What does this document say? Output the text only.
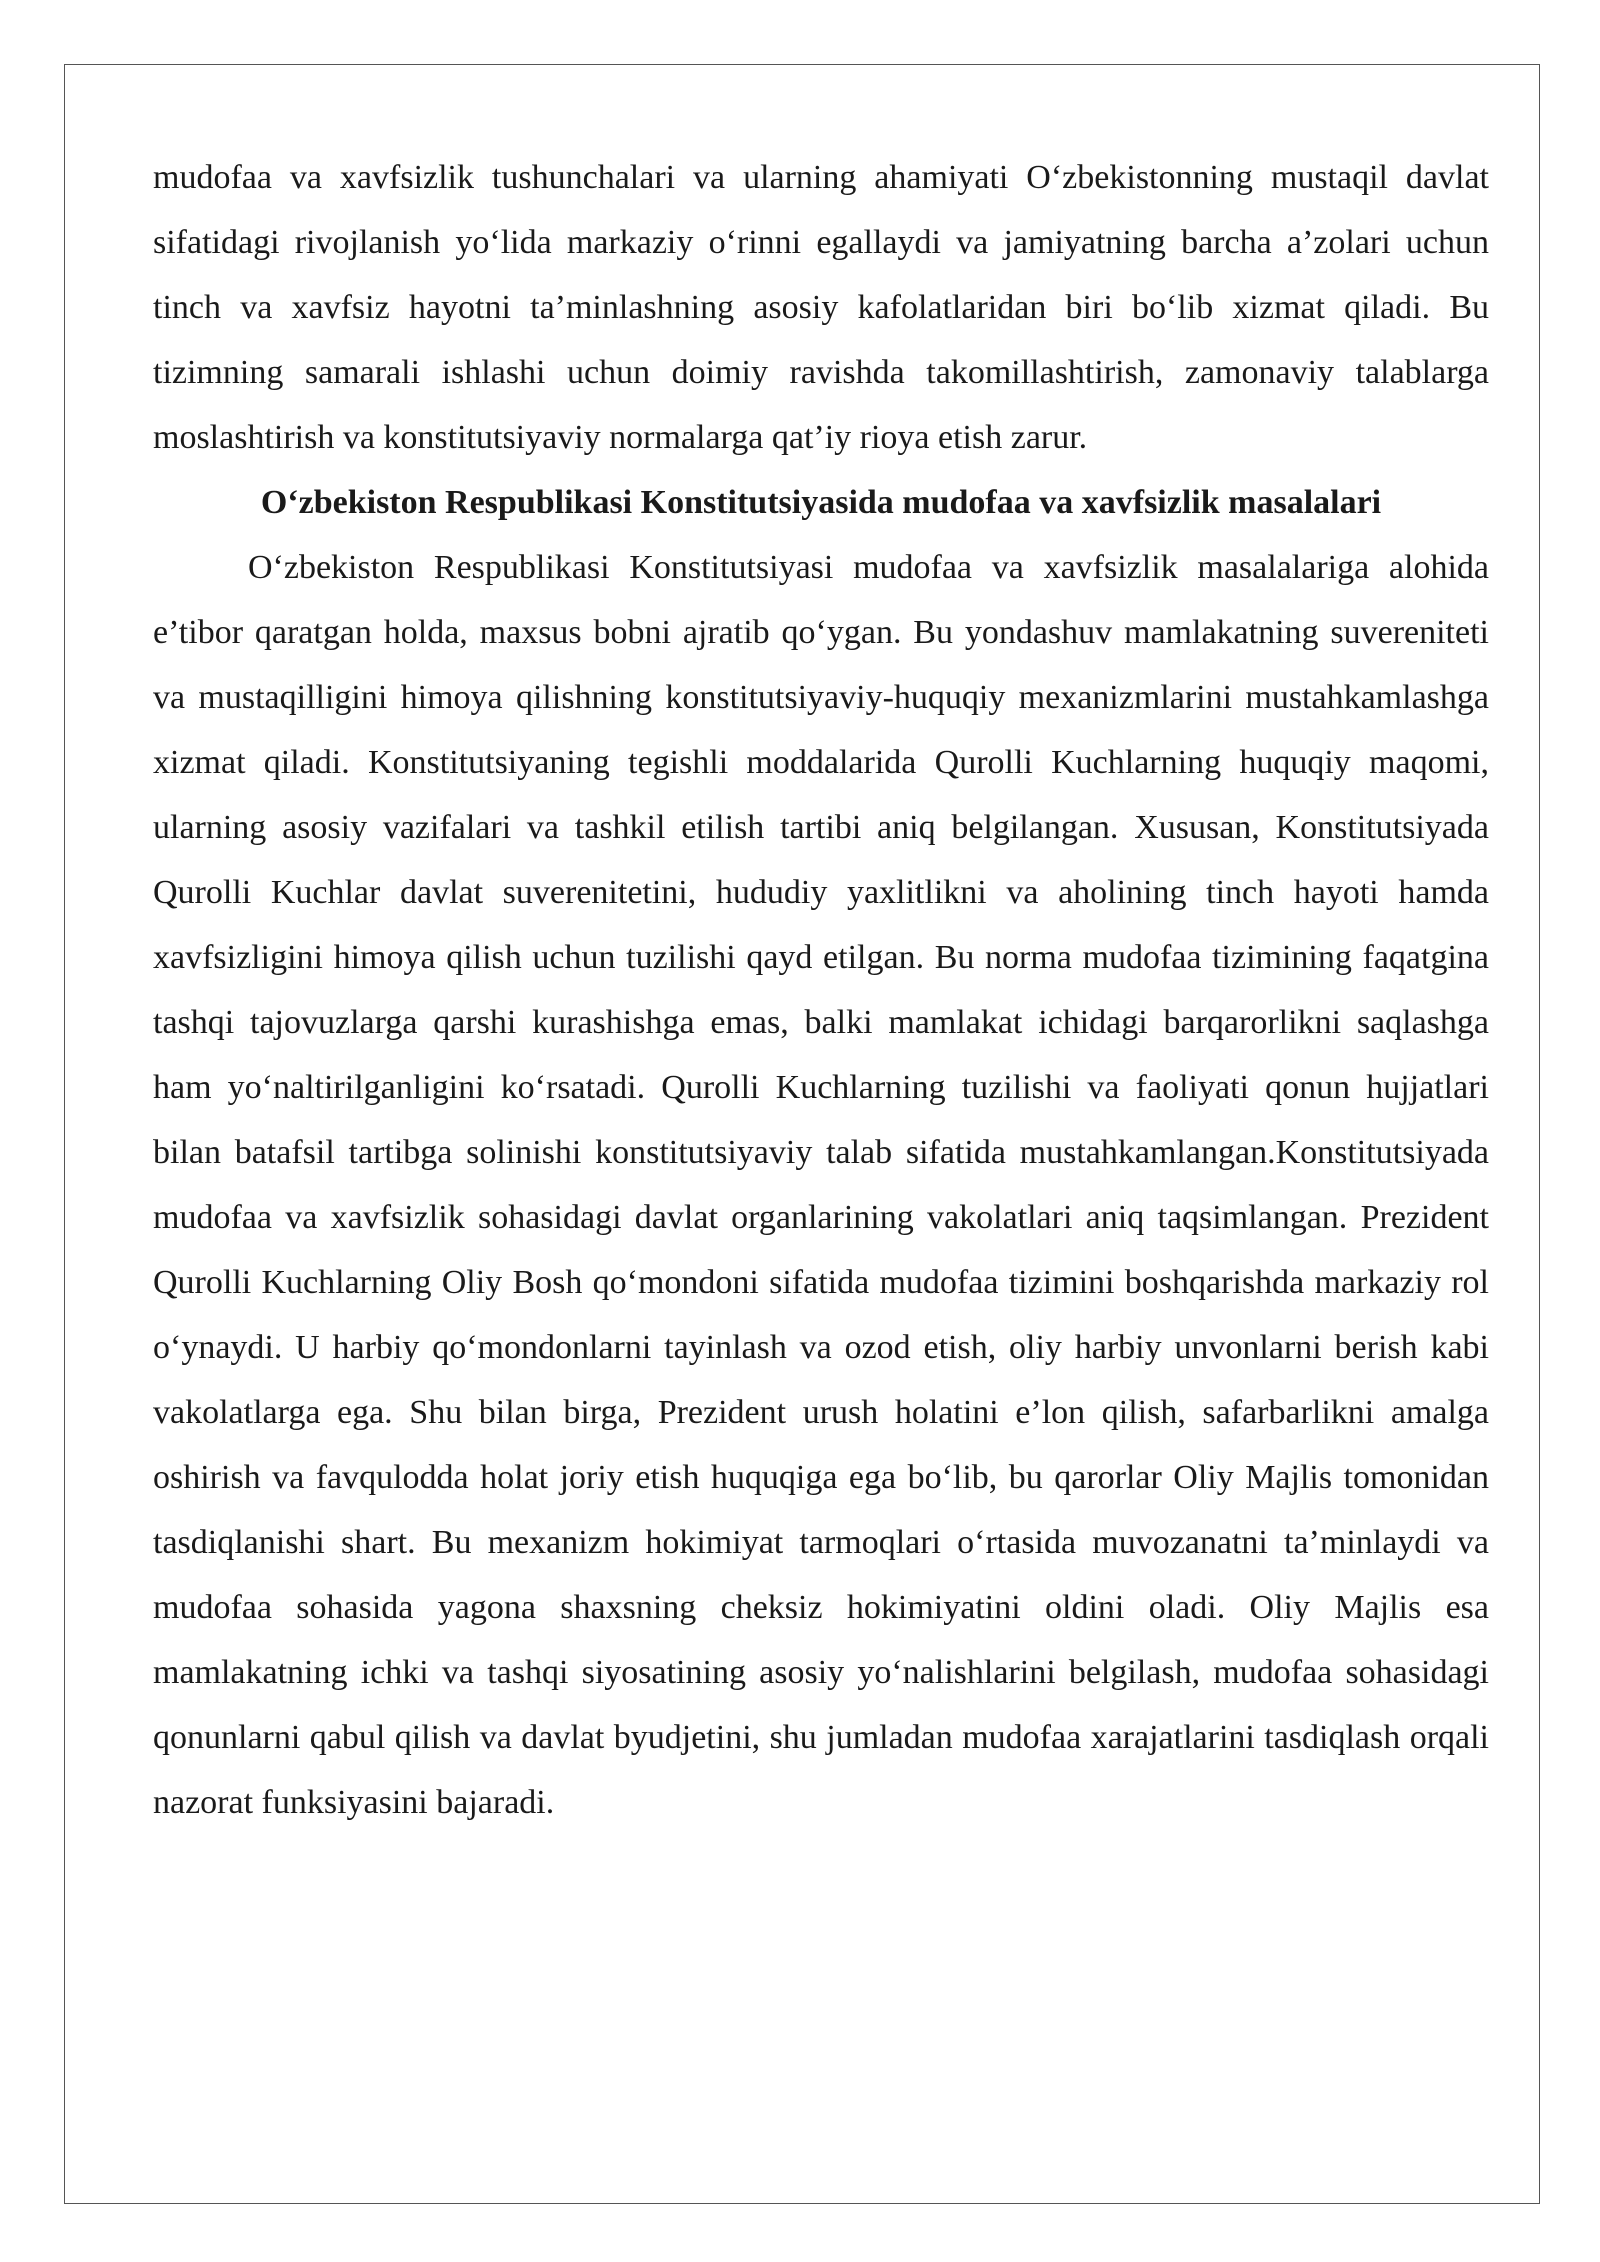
mudofaa va xavfsizlik tushunchalari va ularning ahamiyati O‘zbekistonning mustaqil davlat sifatidagi rivojlanish yo‘lida markaziy o‘rinni egallaydi va jamiyatning barcha a’zolari uchun tinch va xavfsiz hayotni ta’minlashning asosiy kafolatlaridan biri bo‘lib xizmat qiladi. Bu tizimning samarali ishlashi uchun doimiy ravishda takomillashtirish, zamonaviy talablarga moslashtirish va konstitutsiyaviy normalarga qat’iy rioya etish zarur.

O‘zbekiston Respublikasi Konstitutsiyasida mudofaa va xavfsizlik masalalari

O‘zbekiston Respublikasi Konstitutsiyasi mudofaa va xavfsizlik masalalariga alohida e’tibor qaratgan holda, maxsus bobni ajratib qo‘ygan. Bu yondashuv mamlakatning suvereniteti va mustaqilligini himoya qilishning konstitutsiyaviy-huquqiy mexanizmlarini mustahkamlashga xizmat qiladi. Konstitutsiyaning tegishli moddalarida Qurolli Kuchlarning huquqiy maqomi, ularning asosiy vazifalari va tashkil etilish tartibi aniq belgilangan. Xususan, Konstitutsiyada Qurolli Kuchlar davlat suverenitetini, hududiy yaxlitlikni va aholining tinch hayoti hamda xavfsizligini himoya qilish uchun tuzilishi qayd etilgan. Bu norma mudofaa tizimining faqatgina tashqi tajovuzlarga qarshi kurashishga emas, balki mamlakat ichidagi barqarorlikni saqlashga ham yo‘naltirilganligini ko‘rsatadi. Qurolli Kuchlarning tuzilishi va faoliyati qonun hujjatlari bilan batafsil tartibga solinishi konstitutsiyaviy talab sifatida mustahkamlangan.Konstitutsiyada mudofaa va xavfsizlik sohasidagi davlat organlarining vakolatlari aniq taqsimlangan. Prezident Qurolli Kuchlarning Oliy Bosh qo‘mondoni sifatida mudofaa tizimini boshqarishda markaziy rol o‘ynaydi. U harbiy qo‘mondonlarni tayinlash va ozod etish, oliy harbiy unvonlarni berish kabi vakolatlarga ega. Shu bilan birga, Prezident urush holatini e’lon qilish, safarbarlikni amalga oshirish va favqulodda holat joriy etish huquqiga ega bo‘lib, bu qarorlar Oliy Majlis tomonidan tasdiqlanishi shart. Bu mexanizm hokimiyat tarmoqlari o‘rtasida muvozanatni ta’minlaydi va mudofaa sohasida yagona shaxsning cheksiz hokimiyatini oldini oladi. Oliy Majlis esa mamlakatning ichki va tashqi siyosatining asosiy yo‘nalishlarini belgilash, mudofaa sohasidagi qonunlarni qabul qilish va davlat byudjetini, shu jumladan mudofaa xarajatlarini tasdiqlash orqali nazorat funksiyasini bajaradi.
